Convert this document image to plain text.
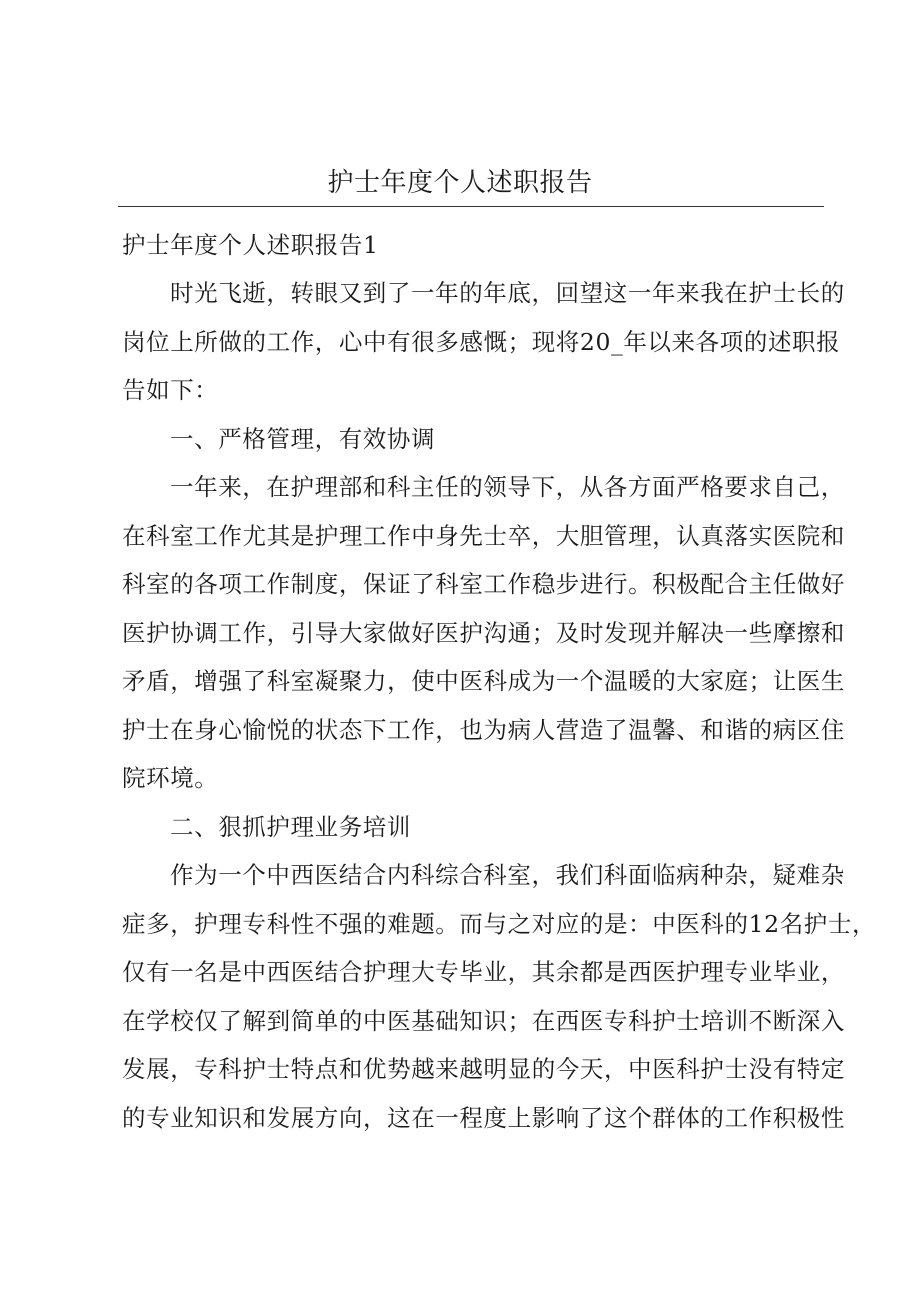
护士年度个人述职报告
护士年度个人述职报告1
时光飞逝，转眼又到了一年的年底，回望这一年来我在护士长的
岗位上所做的工作，心中有很多感慨；现将20_年以来各项的述职报
告如下：
一、严格管理，有效协调
一年来，在护理部和科主任的领导下，从各方面严格要求自己，
在科室工作尤其是护理工作中身先士卒，大胆管理，认真落实医院和
科室的各项工作制度，保证了科室工作稳步进行。积极配合主任做好
医护协调工作，引导大家做好医护沟通；及时发现并解决一些摩擦和
矛盾，增强了科室凝聚力，使中医科成为一个温暖的大家庭；让医生
护士在身心愉悦的状态下工作，也为病人营造了温馨、和谐的病区住
院环境。
二、狠抓护理业务培训
作为一个中西医结合内科综合科室，我们科面临病种杂，疑难杂
症多，护理专科性不强的难题。而与之对应的是：中医科的12名护士，
仅有一名是中西医结合护理大专毕业，其余都是西医护理专业毕业，
在学校仅了解到简单的中医基础知识；在西医专科护士培训不断深入
发展，专科护士特点和优势越来越明显的今天，中医科护士没有特定
的专业知识和发展方向，这在一程度上影响了这个群体的工作积极性
